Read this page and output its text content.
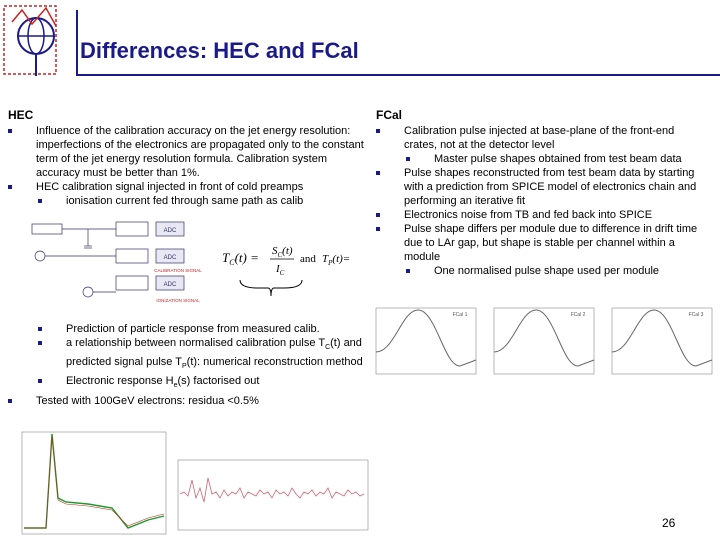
Differences: HEC and FCal
HEC
Influence of the calibration accuracy on the jet energy resolution: imperfections of the electronics are propagated only to the constant term of the jet energy resolution formula. Calibration system accuracy must be better than 1%.
HEC calibration signal injected in front of cold preamps
ionisation current fed through same path as calib
ADC
ADC
CALIBRATION SIGNAL
ADC
IONIZATION SIGNAL
$T_C(t) = S_C(t)$
$I_C$
and $T_P(t)=$
Prediction of particle response from measured calib.
a relationship between normalised calibration pulse $T_C(t)$ and predicted signal pulse $T_P(t)$: numerical reconstruction method
Electronic response $H_e(s)$ factorised out
Tested with 100GeV electrons: residua <0.5%
FCal
Calibration pulse injected at base-plane of the front-end crates, not at the detector level
Master pulse shapes obtained from test beam data
Pulse shapes reconstructed from test beam data by starting with a prediction from SPICE model of electronics chain and performing an iterative fit
Electronics noise from TB and fed back into SPICE
Pulse shape differs per module due to difference in drift time due to LAr gap, but shape is stable per channel within a module
One normalised pulse shape used per module
FCal 1	FCal 2	FCal 3
26
